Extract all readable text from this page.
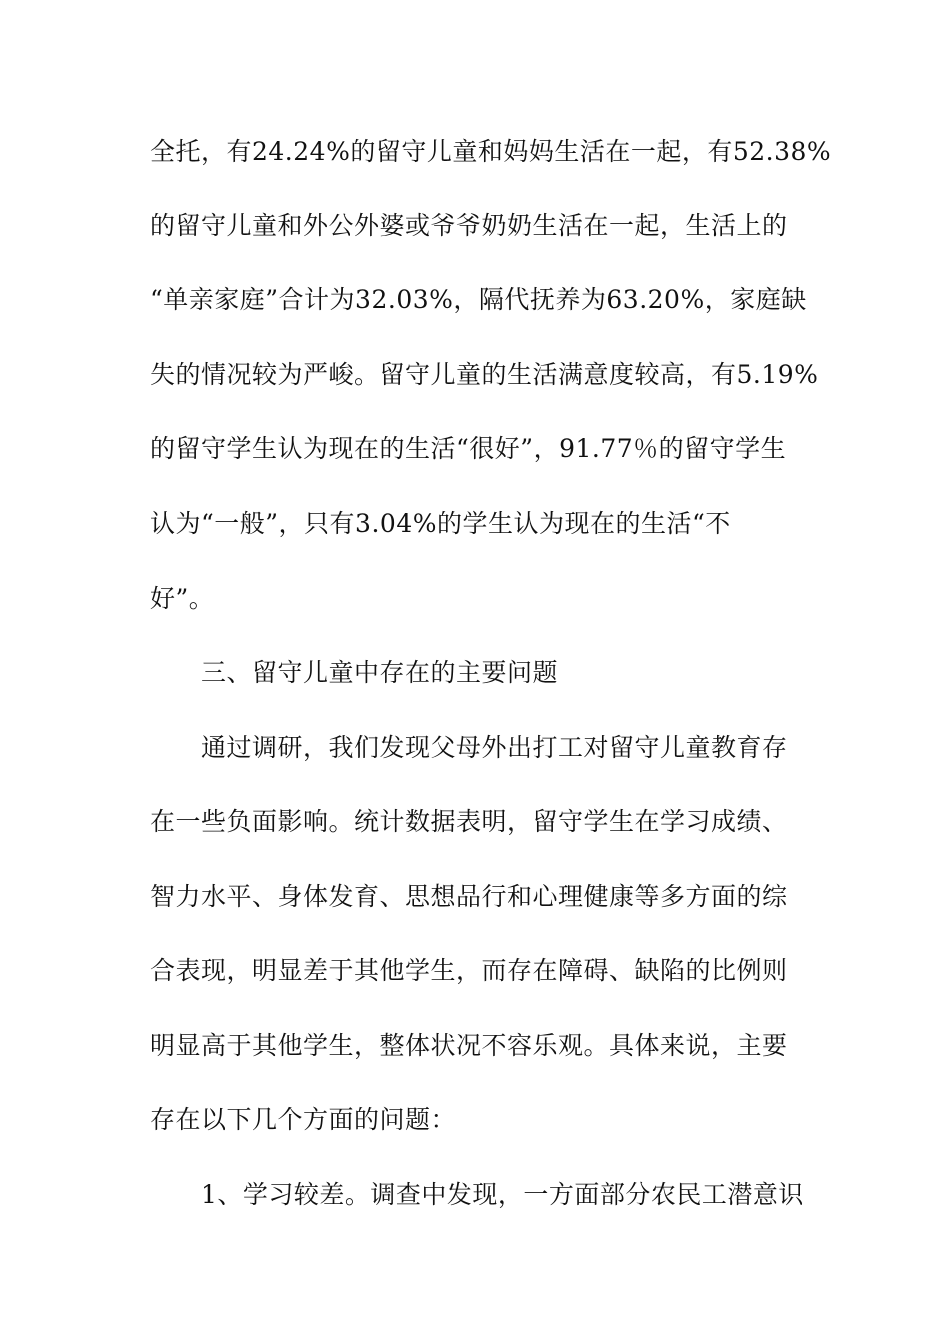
全托，有24.24%的留守儿童和妈妈生活在一起，有52.38%

的留守儿童和外公外婆或爷爷奶奶生活在一起，生活上的

“单亲家庭”合计为32.03%，隔代抚养为63.20%，家庭缺

失的情况较为严峻。留守儿童的生活满意度较高，有5.19%

的留守学生认为现在的生活“很好”，91.77％的留守学生

认为“一般”，只有3.04%的学生认为现在的生活“不

好”。

三、留守儿童中存在的主要问题

通过调研，我们发现父母外出打工对留守儿童教育存

在一些负面影响。统计数据表明，留守学生在学习成绩、

智力水平、身体发育、思想品行和心理健康等多方面的综

合表现，明显差于其他学生，而存在障碍、缺陷的比例则

明显高于其他学生，整体状况不容乐观。具体来说，主要

存在以下几个方面的问题：

1、学习较差。调查中发现，一方面部分农民工潜意识
